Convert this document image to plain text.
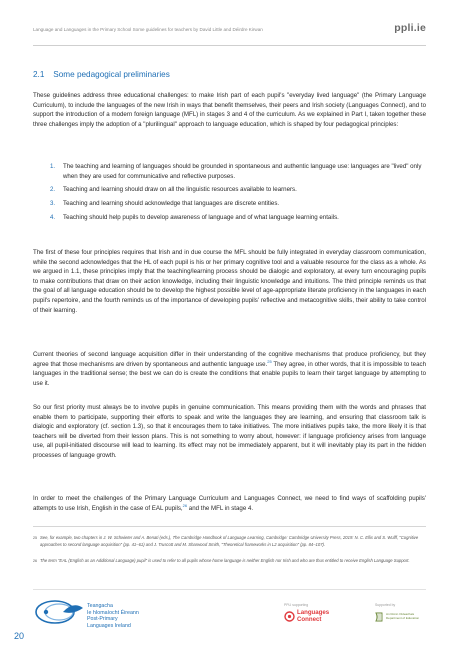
Language and Languages in the Primary School Some guidelines for teachers by David Little and Déirdre Kirwan	ppli.ie
2.1 Some pedagogical preliminaries

These guidelines address three educational challenges: to make Irish part of each pupil's "everyday lived language" (the Primary Language Curriculum), to include the languages of the new Irish in ways that benefit themselves, their peers and Irish society (Languages Connect), and to support the introduction of a modern foreign language (MFL) in stages 3 and 4 of the curriculum. As we explained in Part I, taken together these three challenges imply the adoption of a "plurilingual" approach to language education, which is shaped by four pedagogical principles:

1. The teaching and learning of languages should be grounded in spontaneous and authentic language use: languages are "lived" only when they are used for communicative and reflective purposes.
2. Teaching and learning should draw on all the linguistic resources available to learners.
3. Teaching and learning should acknowledge that languages are discrete entities.
4. Teaching should help pupils to develop awareness of language and of what language learning entails.

The first of these four principles requires that Irish and in due course the MFL should be fully integrated in everyday classroom communication, while the second acknowledges that the HL of each pupil is his or her primary cognitive tool and a valuable resource for the class as a whole. As we argued in 1.1, these principles imply that the teaching/learning process should be dialogic and exploratory, at every turn encouraging pupils to make contributions that draw on their action knowledge, including their linguistic knowledge and intuitions. The third principle reminds us that the goal of all language education should be to develop the highest possible level of age-appropriate literate proficiency in the languages in each pupil's repertoire, and the fourth reminds us of the importance of developing pupils' reflective and metacognitive skills, their ability to take control of their learning.

Current theories of second language acquisition differ in their understanding of the cognitive mechanisms that produce proficiency, but they agree that those mechanisms are driven by spontaneous and authentic language use.$^{25}$ They agree, in other words, that it is impossible to teach languages in the traditional sense; the best we can do is create the conditions that enable pupils to learn their target language by attempting to use it.

So our first priority must always be to involve pupils in genuine communication. This means providing them with the words and phrases that enable them to participate, supporting their efforts to speak and write the languages they are learning, and ensuring that classroom talk is dialogic and exploratory (cf. section 1.3), so that it encourages them to take initiatives. The more initiatives pupils take, the more likely it is that teachers will be diverted from their lesson plans. This is not something to worry about, however: if language proficiency arises from language use, all pupil-initiated discourse will lead to learning. Its effect may not be immediately apparent, but it will inevitably play its part in the hidden processes of language growth.

In order to meet the challenges of the Primary Language Curriculum and Languages Connect, we need to find ways of scaffolding pupils' attempts to use Irish, English in the case of EAL pupils,$^{26}$ and the MFL in stage 4.

25 See, for example, two chapters in J. W. Schwieter and A. Benati (eds.), The Cambridge Handbook of Language Learning, Cambridge: Cambridge University Press, 2019: N. C. Ellis and S. Wulff, "Cognitive approaches to second language acquisition" (pp. 41–61) and J. Truscott and M. Sharwood Smith, "Theoretical frameworks in L2 acquisition" (pp. 84–107).
26 The term "EAL (English as an Additional Language) pupil" is used to refer to all pupils whose home language is neither English nor Irish and who are thus entitled to receive English Language Support.
Teangacha
Ie hIomaíocht Éireann
Post-Primary
Languages Ireland
PPLI supporting
Languages
Connect
Supported by
An Roinn Oideachais
Department of Education
20
